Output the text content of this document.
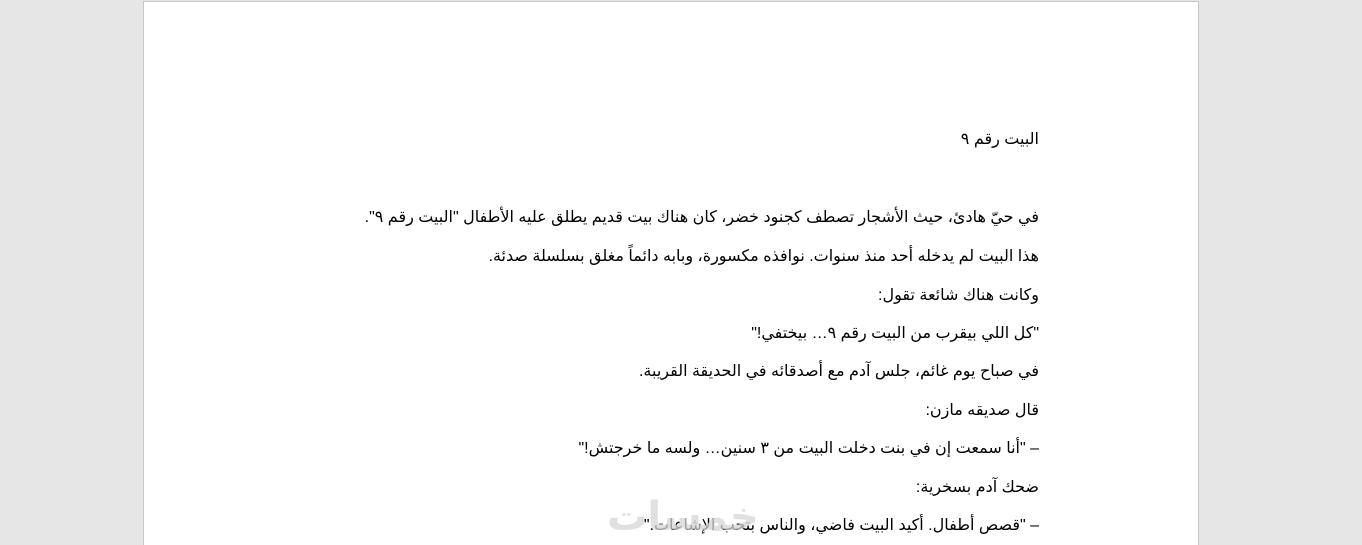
البيت رقم ٩
في حيّ هادئ، حيث الأشجار تصطف كجنود خضر، كان هناك بيت قديم يطلق عليه الأطفال "البيت رقم ٩".
هذا البيت لم يدخله أحد منذ سنوات. نوافذه مكسورة، وبابه دائماً مغلق بسلسلة صدئة.
وكانت هناك شائعة تقول:
"كل اللي بيقرب من البيت رقم ٩… بيختفي!"
في صباح يوم غائم، جلس آدم مع أصدقائه في الحديقة القريبة.
قال صديقه مازن:
– "أنا سمعت إن في بنت دخلت البيت من ٣ سنين… ولسه ما خرجتش!"
ضحك آدم بسخرية:
– "قصص أطفال. أكيد البيت فاضي، والناس بتحب الإشاعات."
خمسات
